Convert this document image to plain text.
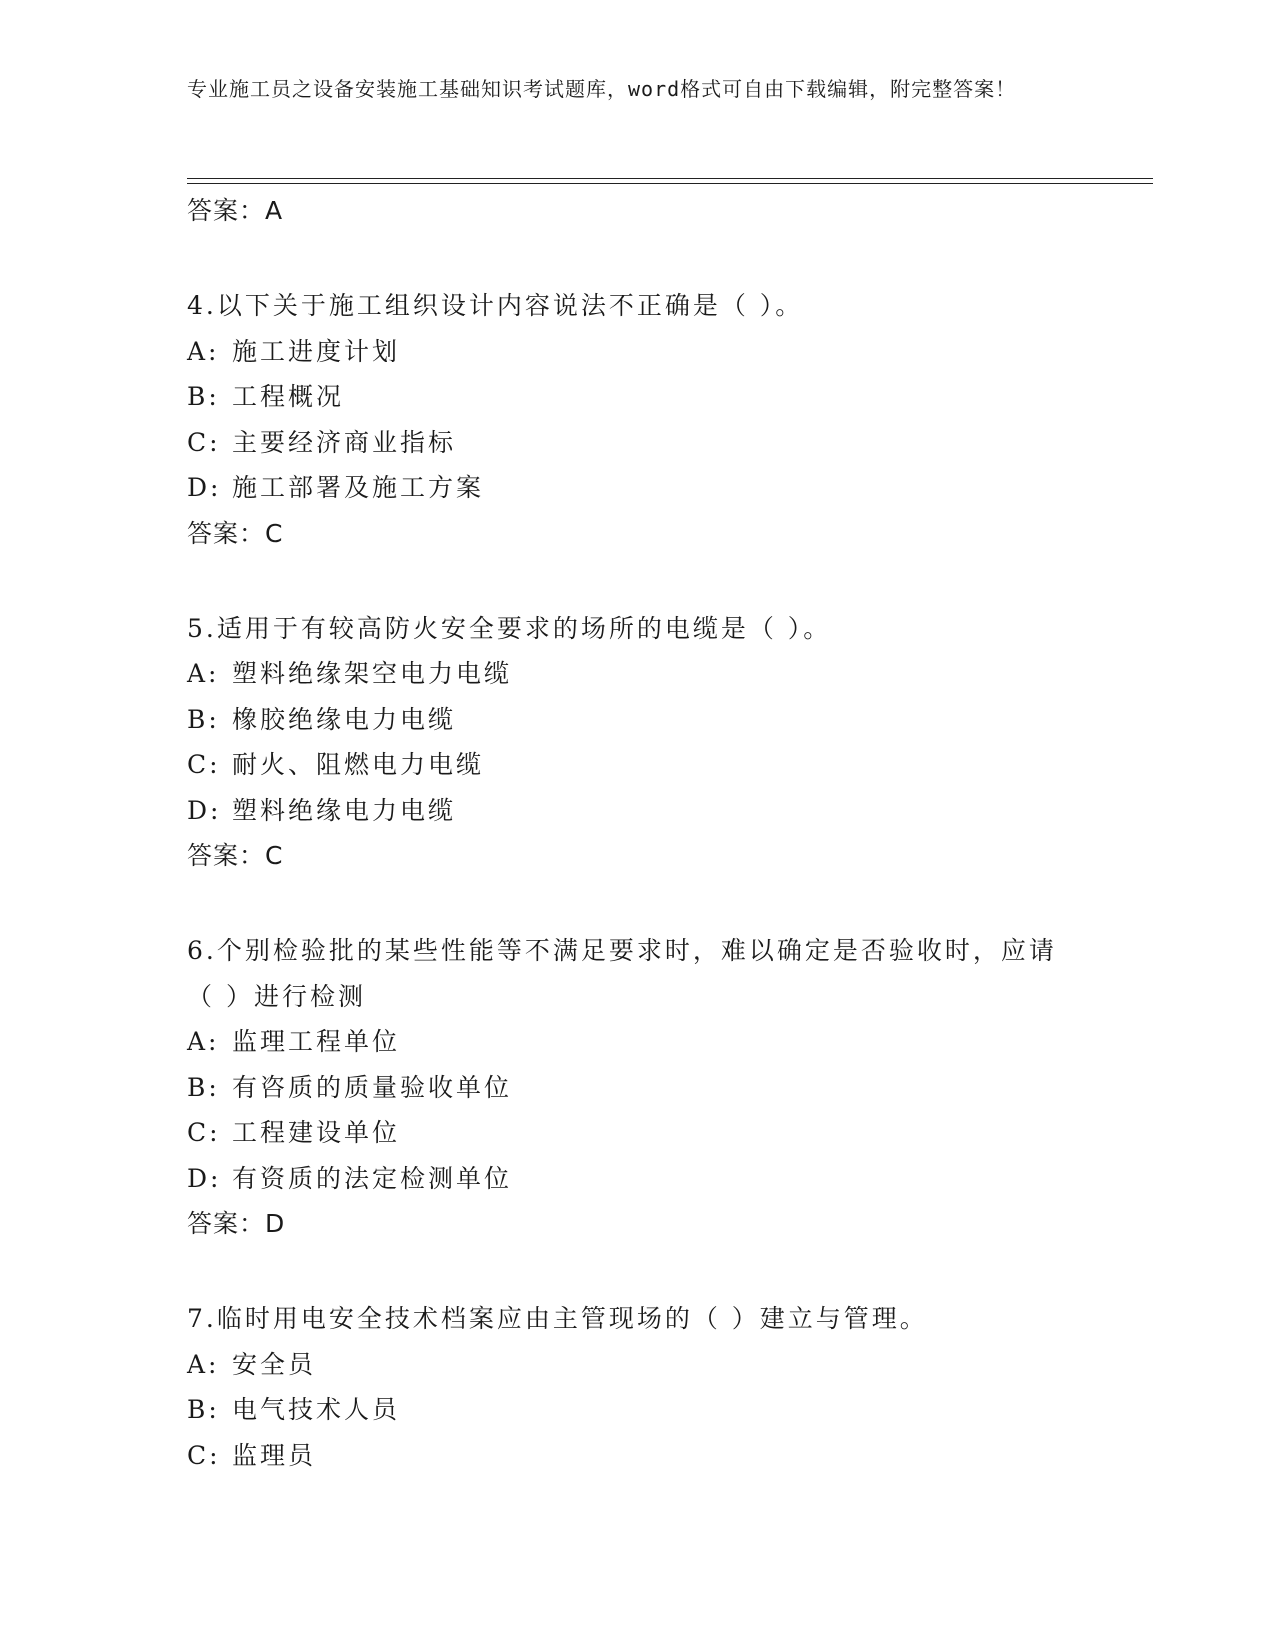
专业施工员之设备安装施工基础知识考试题库，word格式可自由下载编辑，附完整答案！
答案：A
4.以下关于施工组织设计内容说法不正确是（ ）。
A: 施工进度计划
B: 工程概况
C: 主要经济商业指标
D: 施工部署及施工方案
答案：C
5.适用于有较高防火安全要求的场所的电缆是（ ）。
A: 塑料绝缘架空电力电缆
B: 橡胶绝缘电力电缆
C: 耐火、阻燃电力电缆
D: 塑料绝缘电力电缆
答案：C
6.个别检验批的某些性能等不满足要求时，难以确定是否验收时，应请（ ）进行检测
A: 监理工程单位
B: 有咨质的质量验收单位
C: 工程建设单位
D: 有资质的法定检测单位
答案：D
7.临时用电安全技术档案应由主管现场的（ ）建立与管理。
A: 安全员
B: 电气技术人员
C: 监理员
